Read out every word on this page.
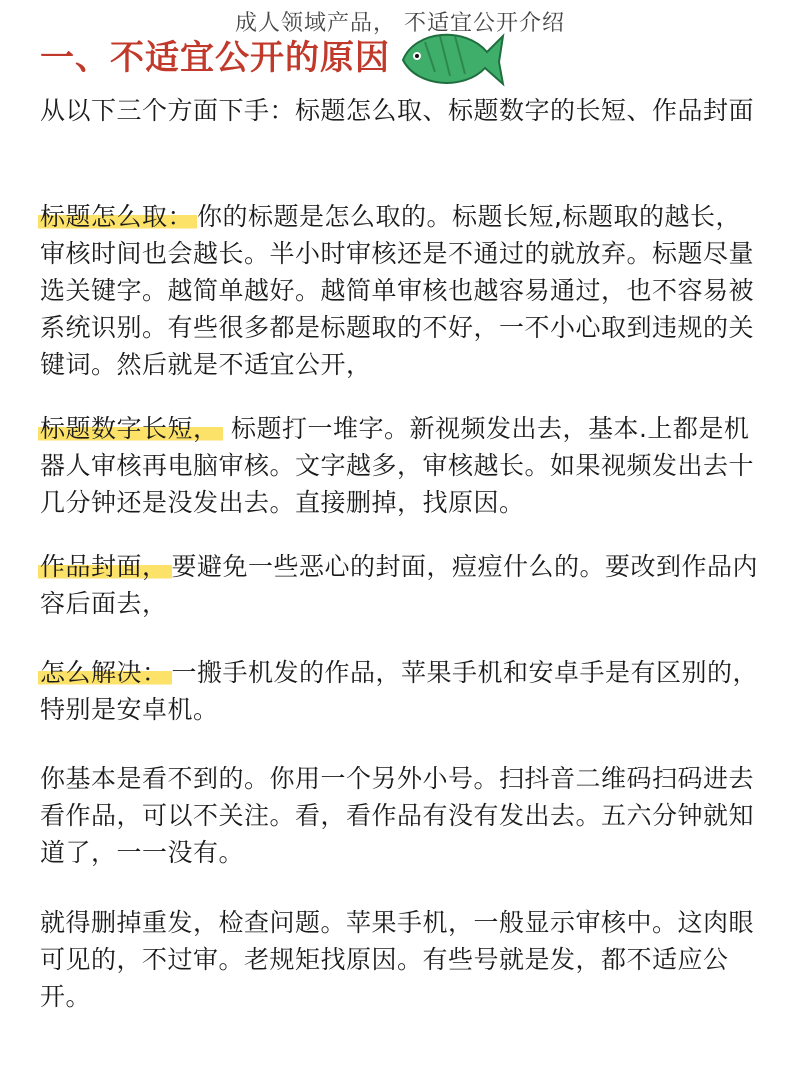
成人领域产品， 不适宜公开介绍
一、不适宜公开的原因

从以下三个方面下手：标题怎么取、标题数字的长短、作品封面

标题怎么取： 你的标题是怎么取的。标题长短,标题取的越长，审核时间也会越长。半小时审核还是不通过的就放弃。标题尽量选关键字。越简单越好。越简单审核也越容易通过，也不容易被系统识别。有些很多都是标题取的不好，一不小心取到违规的关键词。然后就是不适宜公开，

标题数字长短， 标题打一堆字。新视频发出去，基本.上都是机器人审核再电脑审核。文字越多，审核越长。如果视频发出去十几分钟还是没发出去。直接删掉，找原因。

作品封面， 要避免一些恶心的封面，痘痘什么的。要改到作品内容后面去，

怎么解决： 一搬手机发的作品，苹果手机和安卓手是有区别的，特别是安卓机。

你基本是看不到的。你用一个另外小号。扫抖音二维码扫码进去看作品，可以不关注。看，看作品有没有发出去。五六分钟就知道了，一一没有。

就得删掉重发，检查问题。苹果手机，一般显示审核中。这肉眼可见的，不过审。老规矩找原因。有些号就是发，都不适应公开。
